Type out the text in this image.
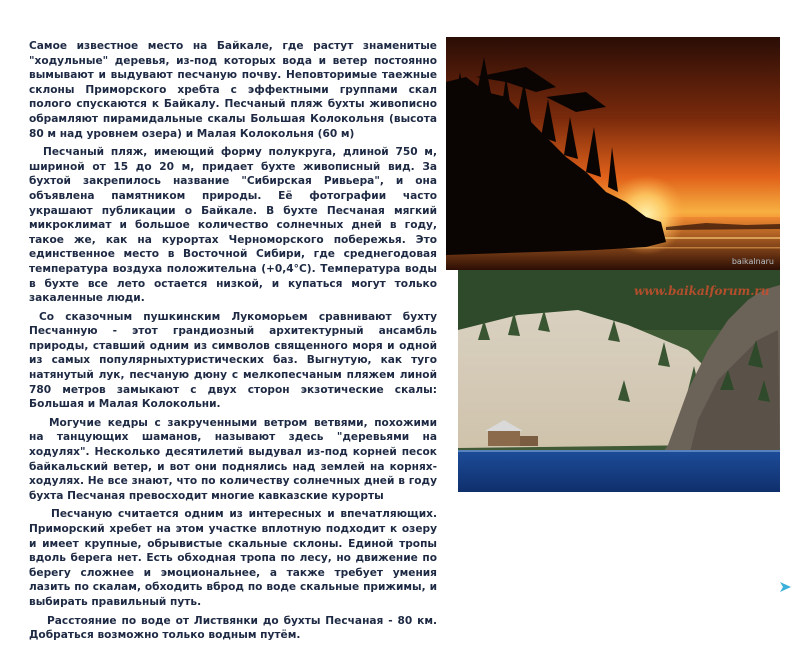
Самое известное место на Байкале, где растут знаменитые "ходульные" деревья, из-под которых вода и ветер постоянно вымывают и выдувают песчаную почву. Неповторимые таежные склоны Приморского хребта с эффектными группами скал полого спускаются к Байкалу. Песчаный пляж бухты живописно обрамляют пирамидальные скалы Большая Колокольня (высота 80 м над уровнем озера) и Малая Колокольня (60 м)

Песчаный пляж, имеющий форму полукруга, длиной 750 м, шириной от 15 до 20 м, придает бухте живописный вид. За бухтой закрепилось название "Сибирская Ривьера", и она объявлена памятником природы. Её фотографии часто украшают публикации о Байкале. В бухте Песчаная мягкий микроклимат и большое количество солнечных дней в году, такое же, как на курортах Черноморского побережья. Это единственное место в Восточной Сибири, где среднегодовая температура воздуха положительна (+0,4°C). Температура воды в бухте все лето остается низкой, и купаться могут только закаленные люди.

Со сказочным пушкинским Лукоморьем сравнивают бухту Песчанную - этот грандиозный архитектурный ансамбль природы, ставший одним из символов священного моря и одной из самых популярныхтуристических баз. Выгнутую, как туго натянутый лук, песчаную дюну с мелкопесчаным пляжем линой 780 метров замыкают с двух сторон экзотические скалы: Большая и Малая Колокольни.

Могучие кедры с закрученными ветром ветвями, похожими на танцующих шаманов, называют здесь "деревьями на ходулях". Несколько десятилетий выдувал из-под корней песок байкальский ветер, и вот они поднялись над землей на корнях-ходулях. Не все знают, что по количеству солнечных дней в году бухта Песчаная превосходит многие кавказские курорты

Песчаную считается одним из интересных и впечатляющих. Приморский хребет на этом участке вплотную подходит к озеру и имеет крупные, обрывистые скальные склоны. Единой тропы вдоль берега нет. Есть обходная тропа по лесу, но движение по берегу сложнее и эмоциональнее, а также требует умения лазить по скалам, обходить вброд по воде скальные прижимы, и выбирать правильный путь.

Расстояние по воде от Листвянки до бухты Песчаная - 80 км. Добраться возможно только водным путём.

baikalnaru
www.baikalforum.ru
